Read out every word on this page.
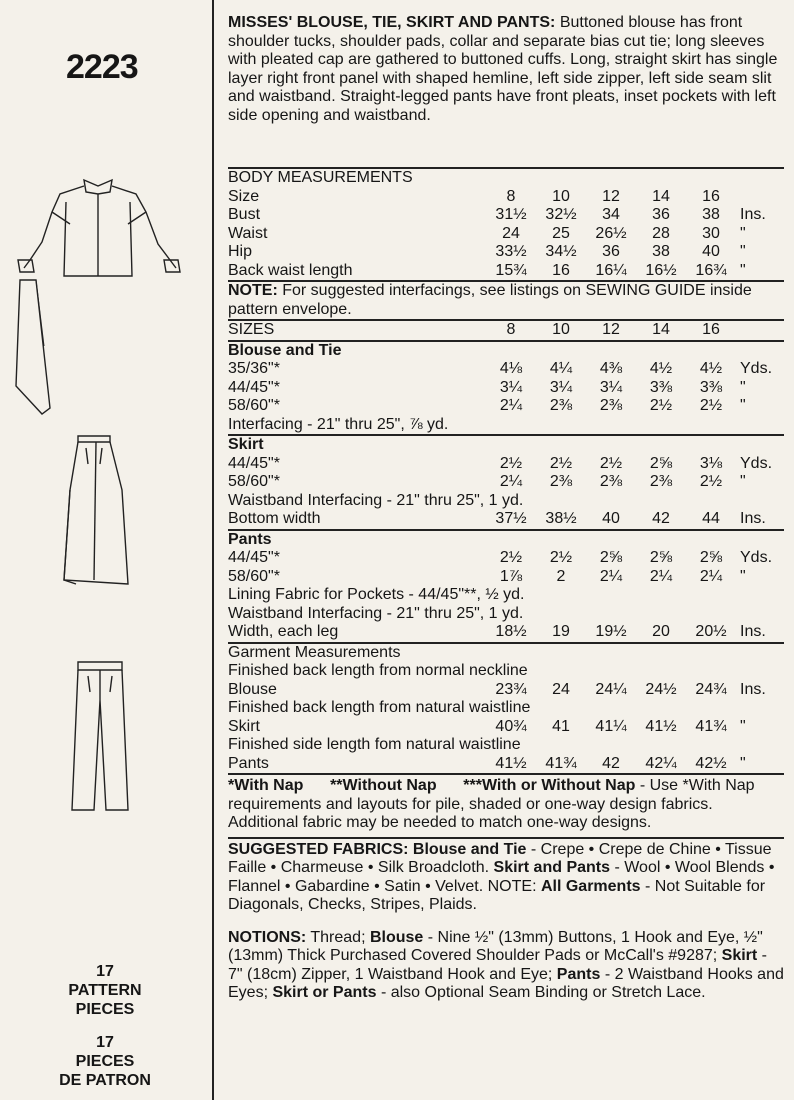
2223
17
PATTERN
PIECES
17
PIECES
DE PATRON

MISSES' BLOUSE, TIE, SKIRT AND PANTS: Buttoned blouse has front shoulder tucks, shoulder pads, collar and separate bias cut tie; long sleeves with pleated cap are gathered to buttoned cuffs. Long, straight skirt has single layer right front panel with shaped hemline, left side zipper, left side seam slit and waistband. Straight-legged pants have front pleats, inset pockets with left side opening and waistband.

BODY MEASUREMENTS						
Size	8	10	12	14	16	
Bust	31½	32½	34	36	38	Ins.
Waist	24	25	26½	28	30	"
Hip	33½	34½	36	38	40	"
Back waist length	15¾	16	16¼	16½	16¾	"

NOTE: For suggested interfacings, see listings on SEWING GUIDE inside pattern envelope.

SIZES	8	10	12	14	16	
Blouse and Tie						
35/36"*	4⅛	4¼	4⅜	4½	4½	Yds.
44/45"*	3¼	3¼	3¼	3⅜	3⅜	"
58/60"*	2¼	2⅜	2⅜	2½	2½	"
Interfacing - 21" thru 25", ⅞ yd.						
Skirt						
44/45"*	2½	2½	2½	2⅝	3⅛	Yds.
58/60"*	2¼	2⅜	2⅜	2⅜	2½	"
Waistband Interfacing - 21" thru 25", 1 yd.						
Bottom width	37½	38½	40	42	44	Ins.
Pants						
44/45"*	2½	2½	2⅝	2⅝	2⅝	Yds.
58/60"*	1⅞	2	2¼	2¼	2¼	"
Lining Fabric for Pockets - 44/45"**, ½ yd.						
Waistband Interfacing - 21" thru 25", 1 yd.						
Width, each leg	18½	19	19½	20	20½	Ins.
Garment Measurements						
Finished back length from normal neckline						
Blouse	23¾	24	24¼	24½	24¾	Ins.
Finished back length from natural waistline						
Skirt	40¾	41	41¼	41½	41¾	"
Finished side length fom natural waistline						
Pants	41½	41¾	42	42¼	42½	"

*With Nap **Without Nap ***With or Without Nap - Use *With Nap requirements and layouts for pile, shaded or one-way design fabrics. Additional fabric may be needed to match one-way designs.

SUGGESTED FABRICS: Blouse and Tie - Crepe • Crepe de Chine • Tissue Faille • Charmeuse • Silk Broadcloth. Skirt and Pants - Wool • Wool Blends • Flannel • Gabardine • Satin • Velvet. NOTE: All Garments - Not Suitable for Diagonals, Checks, Stripes, Plaids.

NOTIONS: Thread; Blouse - Nine ½" (13mm) Buttons, 1 Hook and Eye, ½" (13mm) Thick Purchased Covered Shoulder Pads or McCall's #9287; Skirt - 7" (18cm) Zipper, 1 Waistband Hook and Eye; Pants - 2 Waistband Hooks and Eyes; Skirt or Pants - also Optional Seam Binding or Stretch Lace.
